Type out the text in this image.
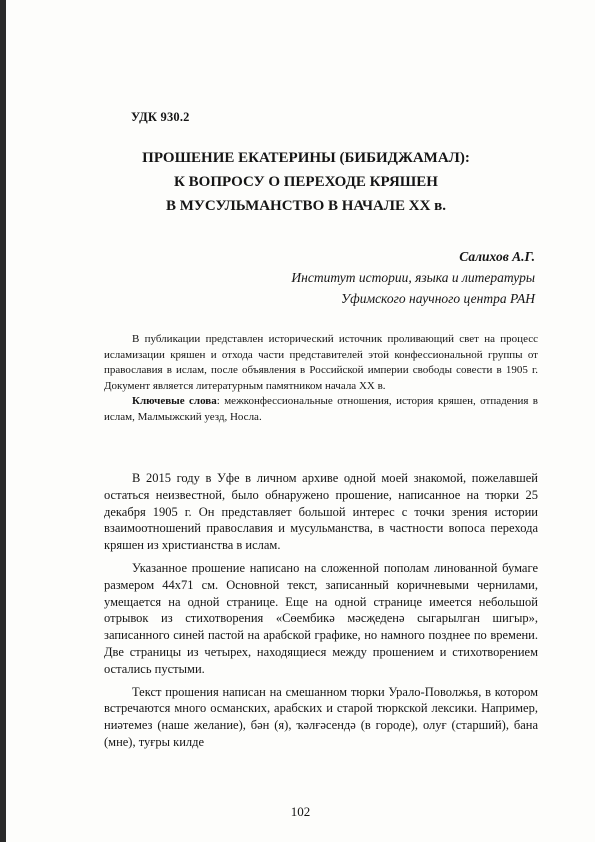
УДК 930.2
ПРОШЕНИЕ ЕКАТЕРИНЫ (БИБИДЖАМАЛ):
К ВОПРОСУ О ПЕРЕХОДЕ КРЯШЕН
В МУСУЛЬМАНСТВО В НАЧАЛЕ XX в.
Салихов А.Г.
Институт истории, языка и литературы
Уфимского научного центра РАН

В публикации представлен исторический источник проливающий свет на процесс исламизации кряшен и отхода части представителей этой конфессиональной группы от православия в ислам, после объявления в Российской империи свободы совести в 1905 г. Документ является литературным памятником начала XX в.

Ключевые слова: межконфессиональные отношения, история кряшен, отпадения в ислам, Малмыжский уезд, Носла.

В 2015 году в Уфе в личном архиве одной моей знакомой, пожелавшей остаться неизвестной, было обнаружено прошение, написанное на тюрки 25 декабря 1905 г. Он представляет большой интерес с точки зрения истории взаимоотношений православия и мусульманства, в частности вопоса перехода кряшен из христианства в ислам.

Указанное прошение написано на сложенной пополам линованной бумаге размером 44х71 см. Основной текст, записанный коричневыми чернилами, умещается на одной странице. Еще на одной странице имеется небольшой отрывок из стихотворения «Сөембикә мәсҗеденә сыгарылган шигыр», записанного синей пастой на арабской графике, но намного позднее по времени. Две страницы из четырех, находящиеся между прошением и стихотворением остались пустыми.

Текст прошения написан на смешанном тюрки Урало-Поволжья, в котором встречаются много османских, арабских и старой тюркской лексики. Например, ниәтемез (наше желание), бән (я), ҡәлғәсендә (в городе), олуғ (старший), бана (мне), туғры килде

102
